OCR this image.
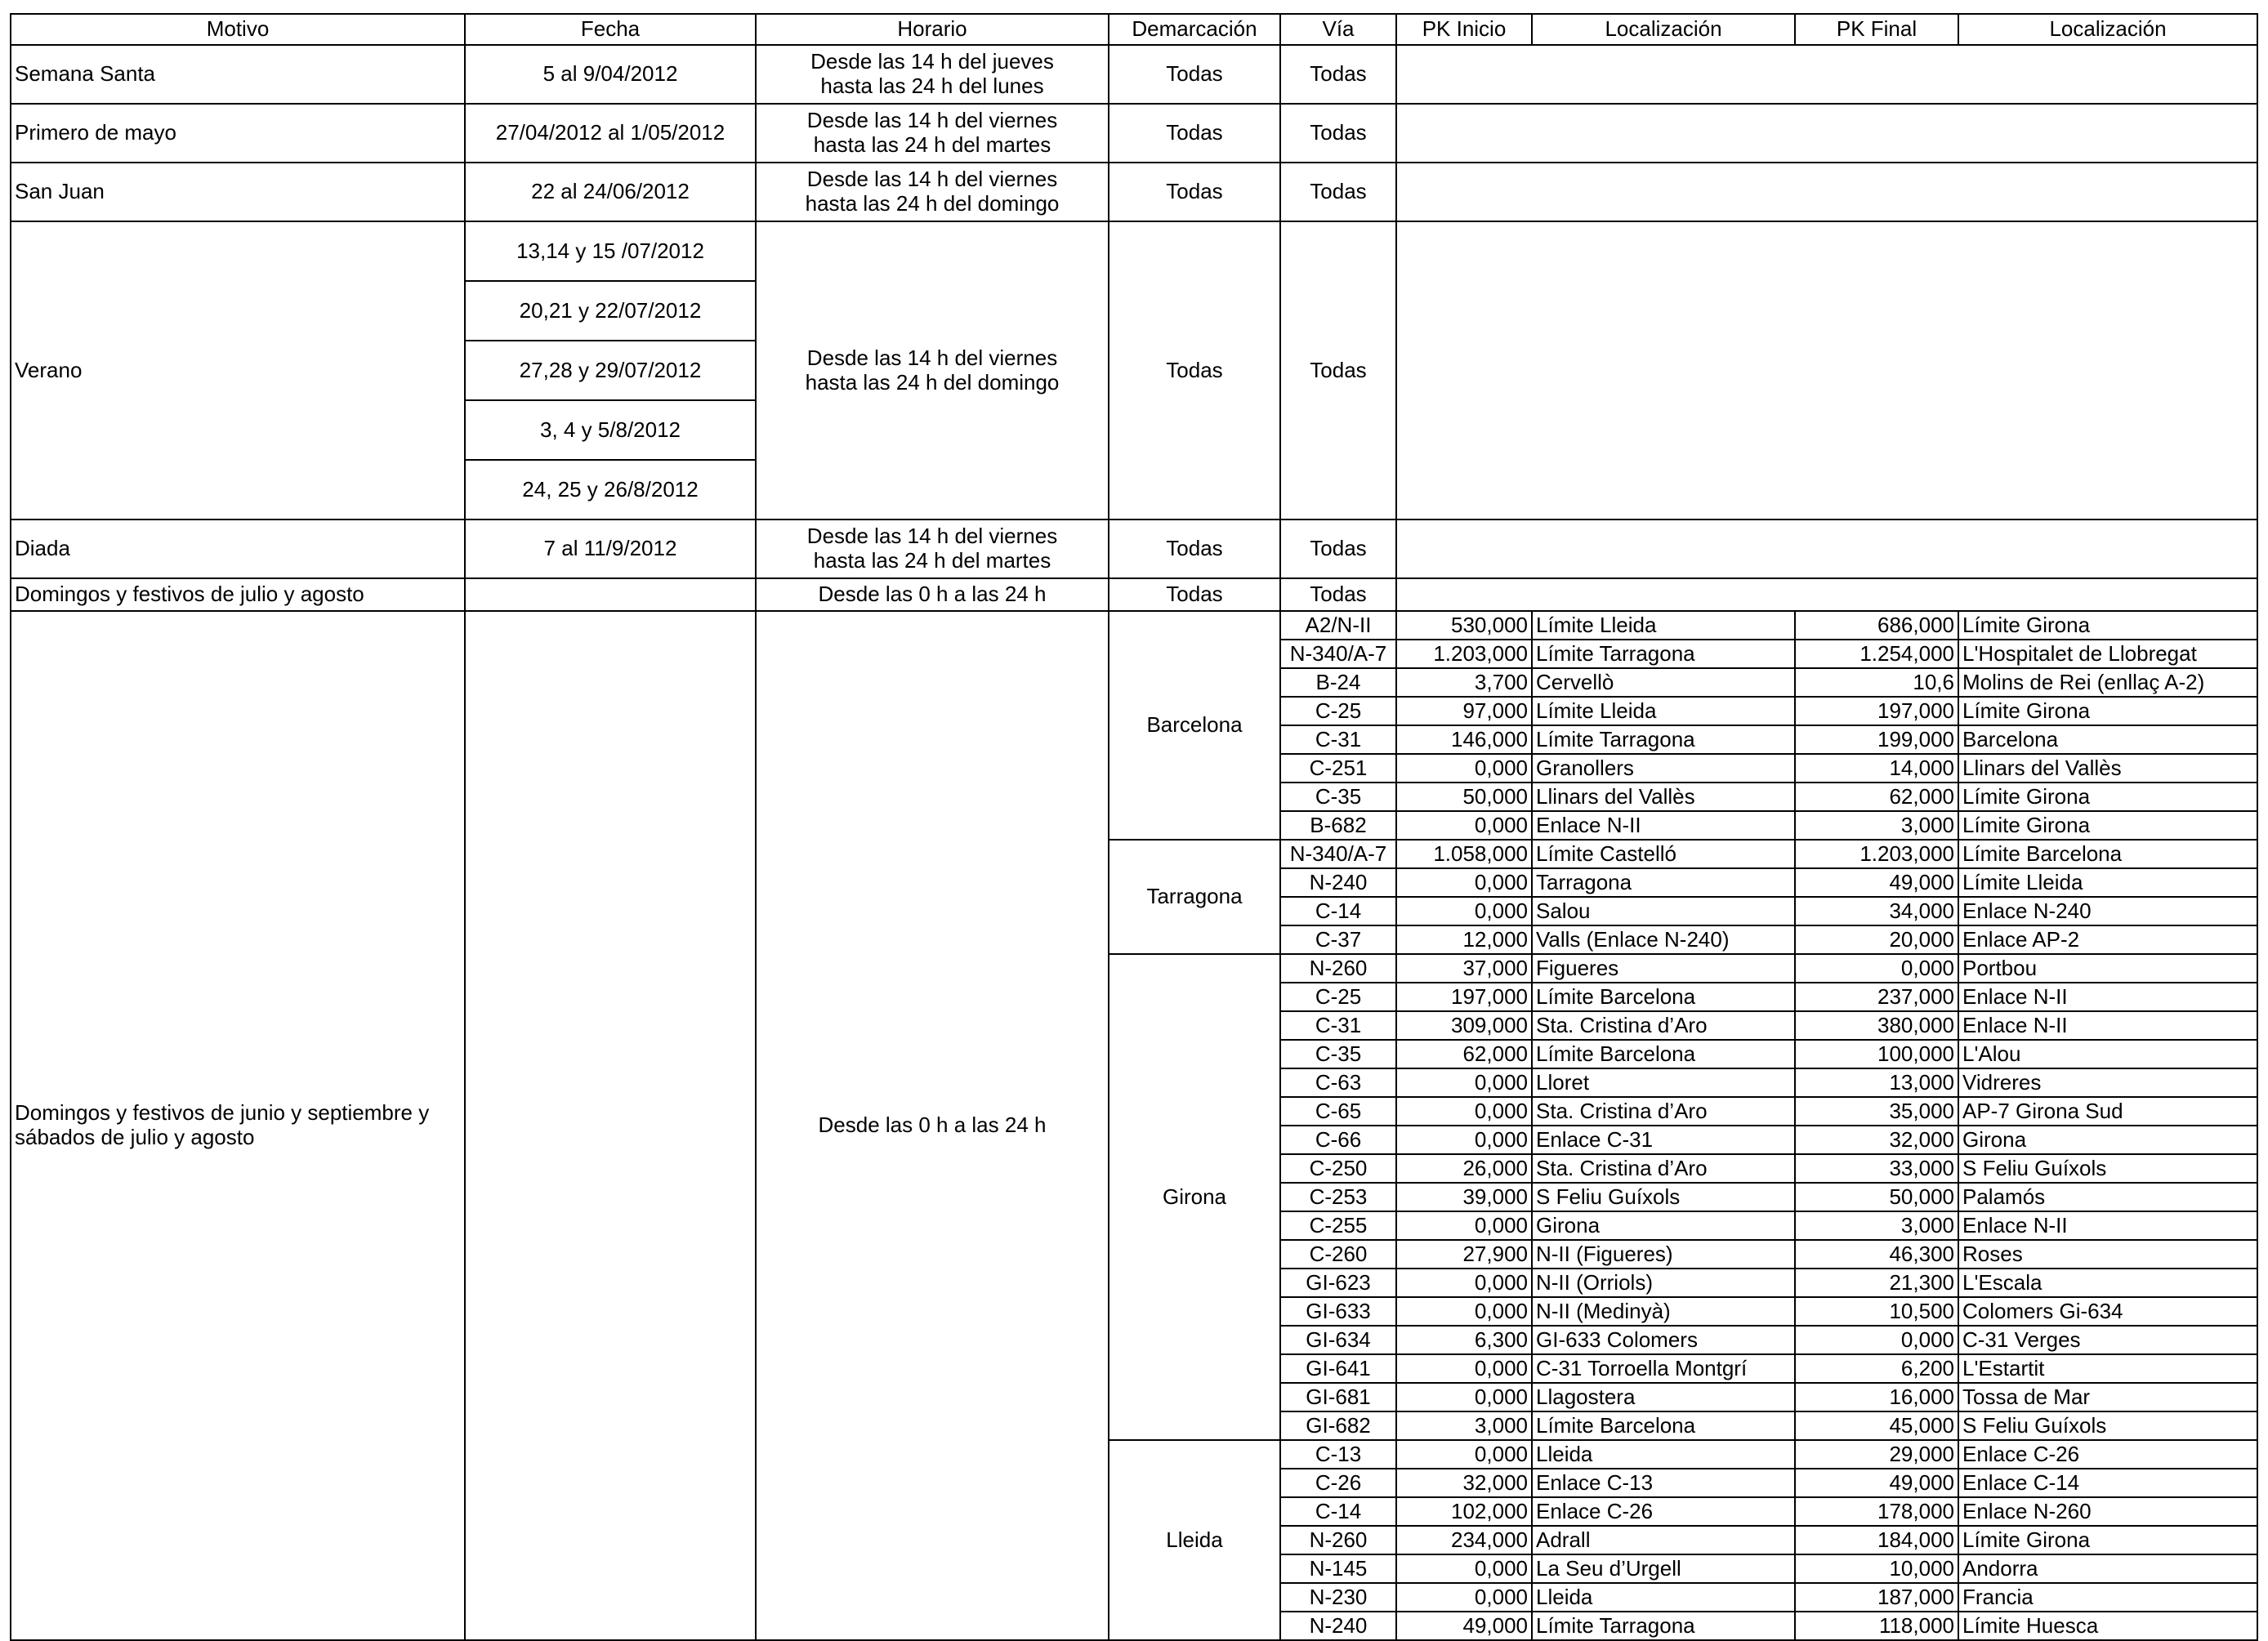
Motivo	Fecha	Horario	Demarcación	Vía	PK Inicio	Localización	PK Final	Localización
Semana Santa	5 al 9/04/2012	Desde las 14 h del jueves
hasta las 24 h del lunes	Todas	Todas				
Primero de mayo	27/04/2012 al 1/05/2012	Desde las 14 h del viernes
hasta las 24 h del martes	Todas	Todas				
San Juan	22 al 24/06/2012	Desde las 14 h del viernes
hasta las 24 h del domingo	Todas	Todas				
Verano	13,14 y 15 /07/2012	Desde las 14 h del viernes
hasta las 24 h del domingo	Todas	Todas				
	20,21 y 22/07/2012							
	27,28 y 29/07/2012							
	3, 4 y 5/8/2012							
	24, 25 y 26/8/2012							
Diada	7 al 11/9/2012	Desde las 14 h del viernes
hasta las 24 h del martes	Todas	Todas				
Domingos y festivos de julio y agosto		Desde las 0 h a las 24 h	Todas	Todas				

Domingos y festivos de junio y septiembre y
sábados de julio y agosto		Desde las 0 h a las 24 h	Barcelona	A2/N-II	530,000	Límite Lleida	686,000	Límite Girona
				N-340/A-7	1.203,000	Límite Tarragona	1.254,000	L'Hospitalet de Llobregat
				B-24	3,700	Cervellò	10,6	Molins de Rei (enllaç A-2)
				C-25	97,000	Límite Lleida	197,000	Límite Girona
				C-31	146,000	Límite Tarragona	199,000	Barcelona
				C-251	0,000	Granollers	14,000	Llinars del Vallès
				C-35	50,000	Llinars del Vallès	62,000	Límite Girona
				B-682	0,000	Enlace N-II	3,000	Límite Girona
			Tarragona	N-340/A-7	1.058,000	Límite Castelló	1.203,000	Límite Barcelona
				N-240	0,000	Tarragona	49,000	Límite Lleida
				C-14	0,000	Salou	34,000	Enlace N-240
				C-37	12,000	Valls (Enlace N-240)	20,000	Enlace AP-2
			Girona	N-260	37,000	Figueres	0,000	Portbou
				C-25	197,000	Límite Barcelona	237,000	Enlace N-II
				C-31	309,000	Sta. Cristina d’Aro	380,000	Enlace N-II
				C-35	62,000	Límite Barcelona	100,000	L'Alou
				C-63	0,000	Lloret	13,000	Vidreres
				C-65	0,000	Sta. Cristina d’Aro	35,000	AP-7 Girona Sud
				C-66	0,000	Enlace C-31	32,000	Girona
				C-250	26,000	Sta. Cristina d’Aro	33,000	S Feliu Guíxols
				C-253	39,000	S Feliu Guíxols	50,000	Palamós
				C-255	0,000	Girona	3,000	Enlace N-II
				C-260	27,900	N-II (Figueres)	46,300	Roses
				GI-623	0,000	N-II (Orriols)	21,300	L'Escala
				GI-633	0,000	N-II (Medinyà)	10,500	Colomers Gi-634
				GI-634	6,300	GI-633 Colomers	0,000	C-31 Verges
				GI-641	0,000	C-31 Torroella Montgrí	6,200	L'Estartit
				GI-681	0,000	Llagostera	16,000	Tossa de Mar
				GI-682	3,000	Límite Barcelona	45,000	S Feliu Guíxols
			Lleida	C-13	0,000	Lleida	29,000	Enlace C-26
				C-26	32,000	Enlace C-13	49,000	Enlace C-14
				C-14	102,000	Enlace C-26	178,000	Enlace N-260
				N-260	234,000	Adrall	184,000	Límite Girona
				N-145	0,000	La Seu d’Urgell	10,000	Andorra
				N-230	0,000	Lleida	187,000	Francia
				N-240	49,000	Límite Tarragona	118,000	Límite Huesca
